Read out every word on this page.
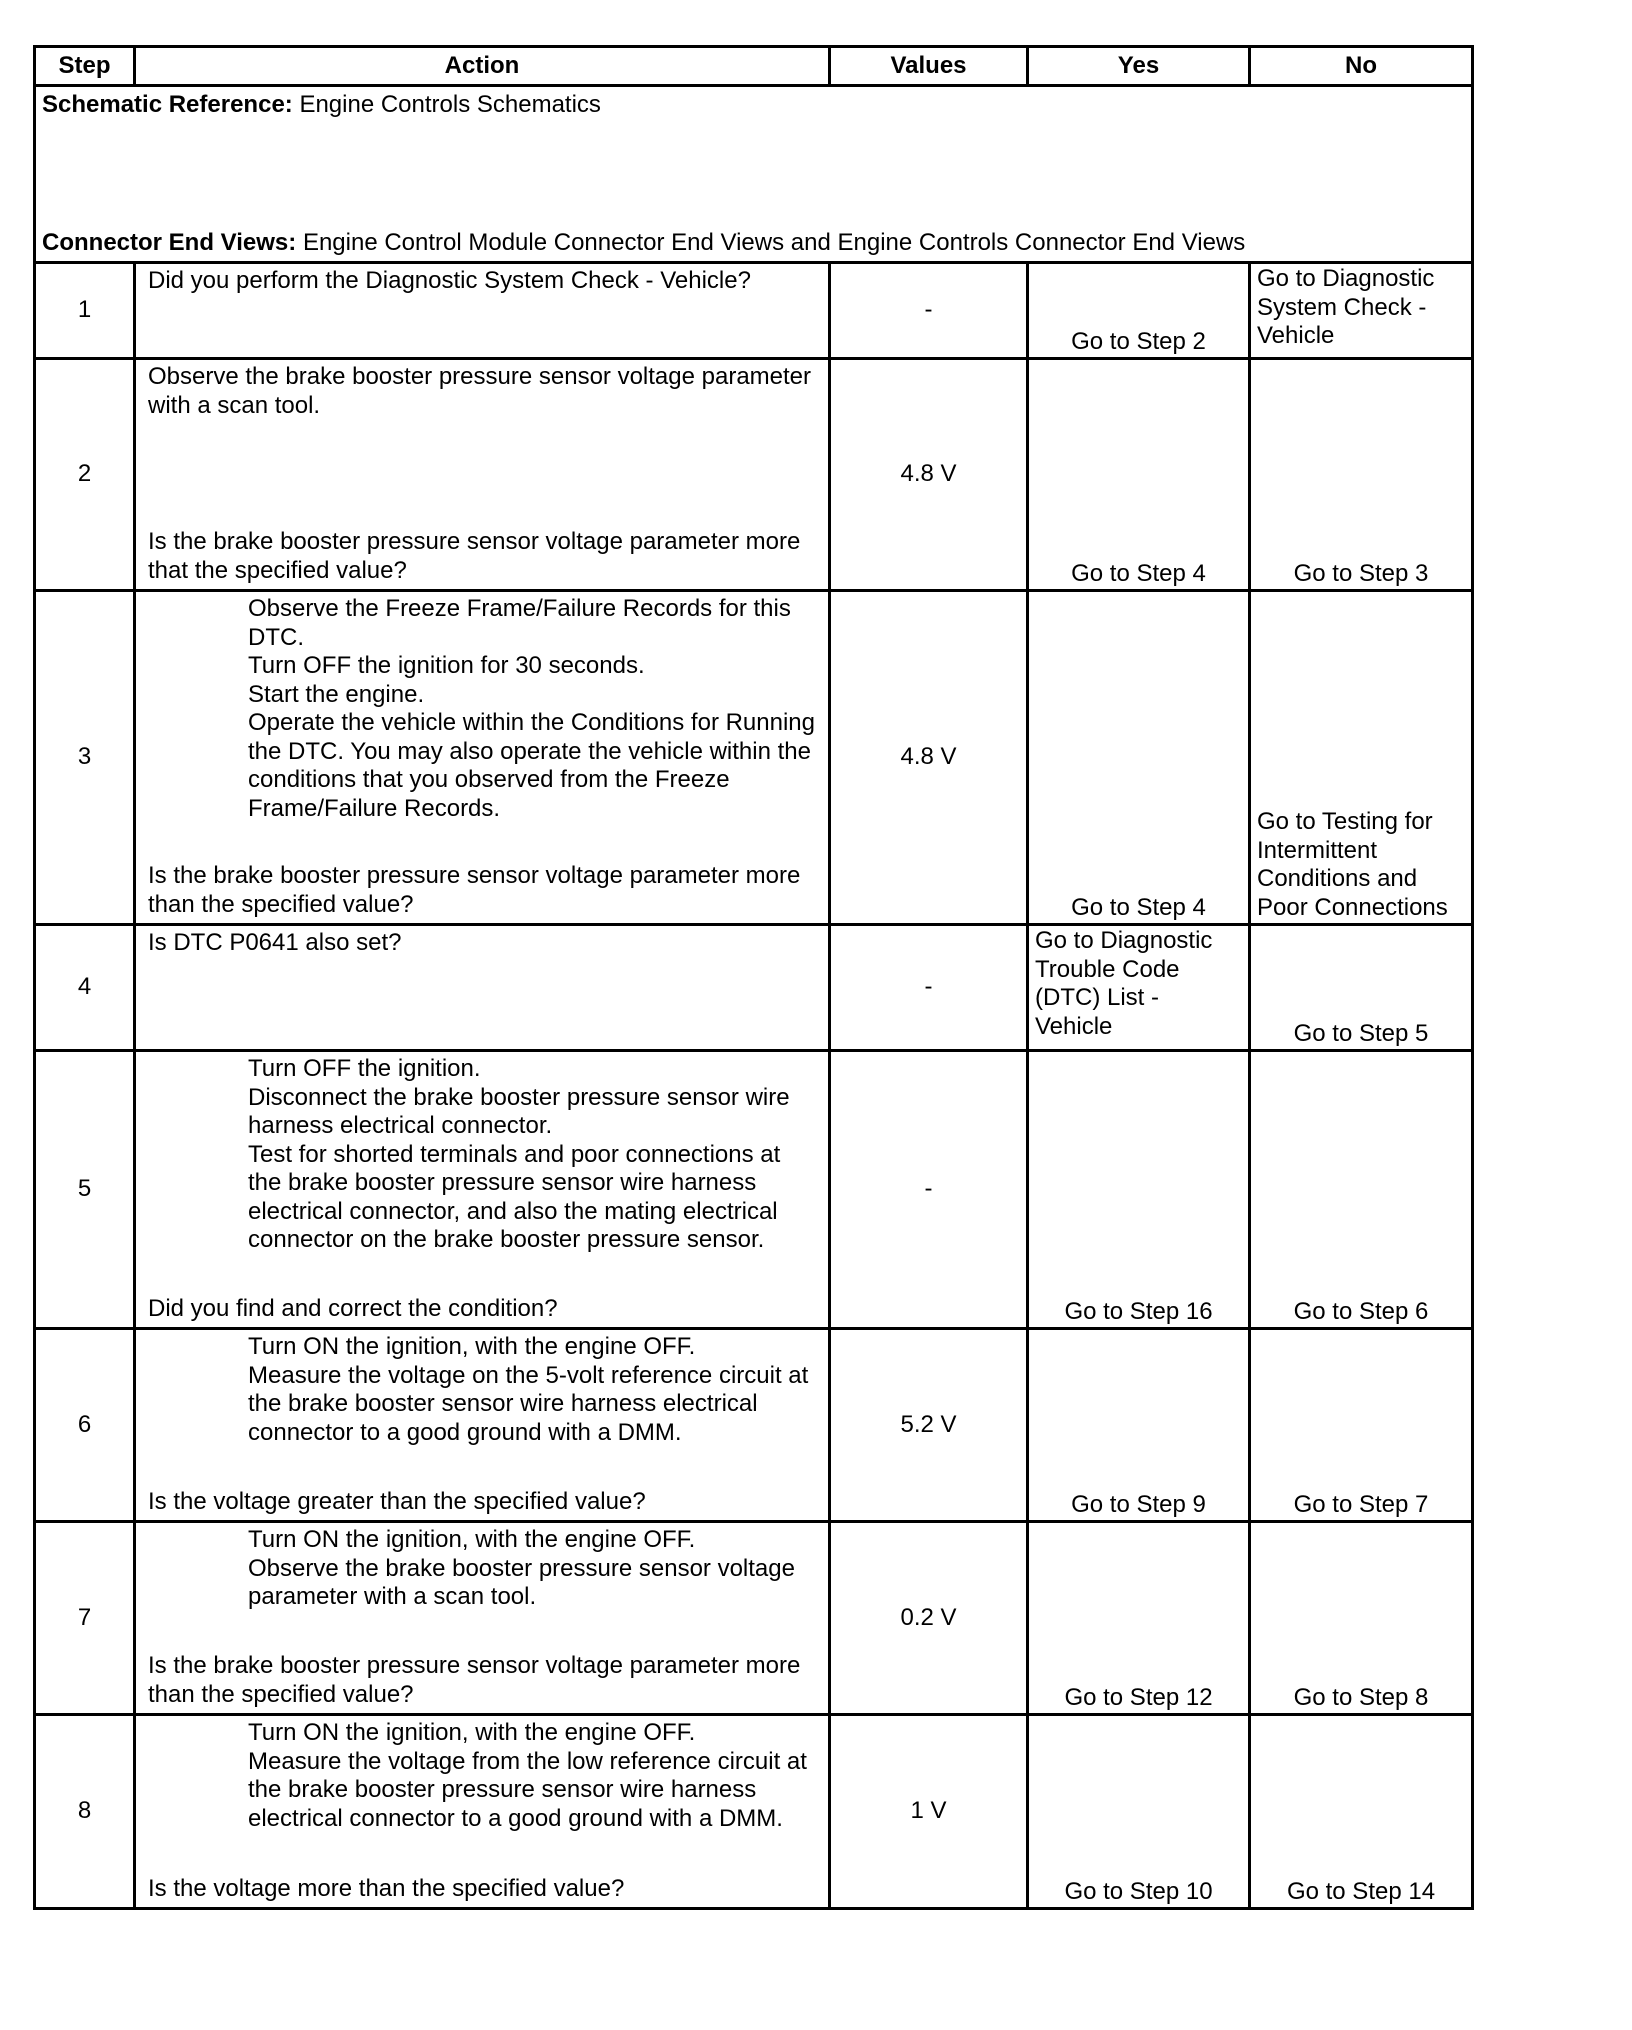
Step	Action	Values	Yes	No

Schematic Reference: Engine Controls Schematics
Connector End Views: Engine Control Module Connector End Views and Engine Controls Connector End Views				

1	Did you perform the Diagnostic System Check - Vehicle?	-	Go to Step 2	Go to Diagnostic System Check - Vehicle
2	Observe the brake booster pressure sensor voltage parameter with a scan tool.
Is the brake booster pressure sensor voltage parameter more that the specified value?	4.8 V	Go to Step 4	Go to Step 3
3	Observe the Freeze Frame/Failure Records for this DTC.
Turn OFF the ignition for 30 seconds.
Start the engine.
Operate the vehicle within the Conditions for Running the DTC. You may also operate the vehicle within the conditions that you observed from the Freeze Frame/Failure Records.
Is the brake booster pressure sensor voltage parameter more than the specified value?	4.8 V	Go to Step 4	Go to Testing for Intermittent Conditions and Poor Connections
4	Is DTC P0641 also set?	-	Go to Diagnostic Trouble Code (DTC) List - Vehicle	Go to Step 5
5	Turn OFF the ignition.
Disconnect the brake booster pressure sensor wire harness electrical connector.
Test for shorted terminals and poor connections at the brake booster pressure sensor wire harness electrical connector, and also the mating electrical connector on the brake booster pressure sensor.
Did you find and correct the condition?	-	Go to Step 16	Go to Step 6
6	Turn ON the ignition, with the engine OFF.
Measure the voltage on the 5-volt reference circuit at the brake booster sensor wire harness electrical connector to a good ground with a DMM.
Is the voltage greater than the specified value?	5.2 V	Go to Step 9	Go to Step 7
7	Turn ON the ignition, with the engine OFF.
Observe the brake booster pressure sensor voltage parameter with a scan tool.
Is the brake booster pressure sensor voltage parameter more than the specified value?	0.2 V	Go to Step 12	Go to Step 8
8	Turn ON the ignition, with the engine OFF.
Measure the voltage from the low reference circuit at the brake booster pressure sensor wire harness electrical connector to a good ground with a DMM.
Is the voltage more than the specified value?	1 V	Go to Step 10	Go to Step 14
